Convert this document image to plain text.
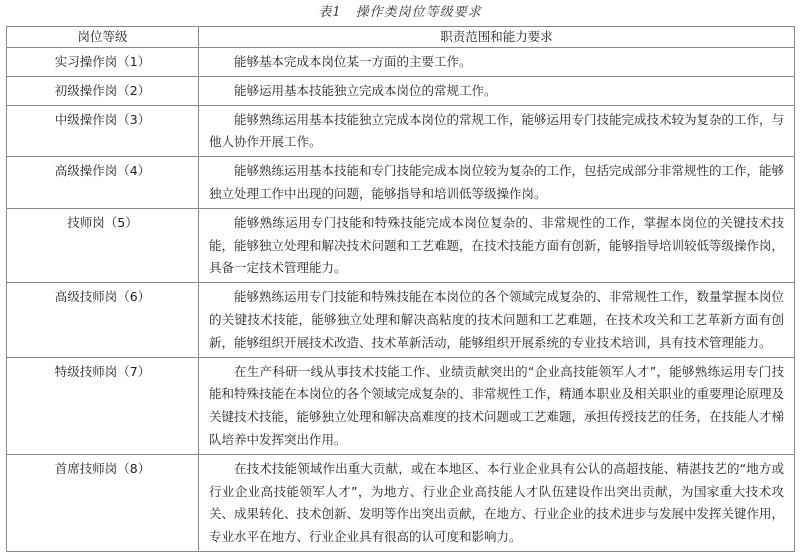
表1 操作类岗位等级要求
岗位等级	职责范围和能力要求
实习操作岗（1）	能够基本完成本岗位某一方面的主要工作。
初级操作岗（2）	能够运用基本技能独立完成本岗位的常规工作。
中级操作岗（3）	能够熟练运用基本技能独立完成本岗位的常规工作，能够运用专门技能完成技术较为复杂的工作，与他人协作开展工作。
高级操作岗（4）	能够熟练运用基本技能和专门技能完成本岗位较为复杂的工作，包括完成部分非常规性的工作，能够独立处理工作中出现的问题，能够指导和培训低等级操作岗。
技师岗（5）	能够熟练运用专门技能和特殊技能完成本岗位复杂的、非常规性的工作，掌握本岗位的关键技术技能，能够独立处理和解决技术问题和工艺难题，在技术技能方面有创新，能够指导培训较低等级操作岗，具备一定技术管理能力。
高级技师岗（6）	能够熟练运用专门技能和特殊技能在本岗位的各个领域完成复杂的、非常规性工作，数量掌握本岗位的关键技术技能，能够独立处理和解决高粘度的技术问题和工艺难题，在技术攻关和工艺革新方面有创新，能够组织开展技术改造、技术革新活动，能够组织开展系统的专业技术培训，具有技术管理能力。
特级技师岗（7）	在生产科研一线从事技术技能工作、业绩贡献突出的“企业高技能领军人才”，能够熟练运用专门技能和特殊技能在本岗位的各个领域完成复杂的、非常规性工作，精通本职业及相关职业的重要理论原理及关键技术技能，能够独立处理和解决高难度的技术问题或工艺难题，承担传授技艺的任务，在技能人才梯队培养中发挥突出作用。
首席技师岗（8）	在技术技能领域作出重大贡献，或在本地区、本行业企业具有公认的高超技能、精湛技艺的“地方或行业企业高技能领军人才”，为地方、行业企业高技能人才队伍建设作出突出贡献，为国家重大技术攻关、成果转化、技术创新、发明等作出突出贡献，在地方、行业企业的技术进步与发展中发挥关键作用，专业水平在地方、行业企业具有很高的认可度和影响力。
